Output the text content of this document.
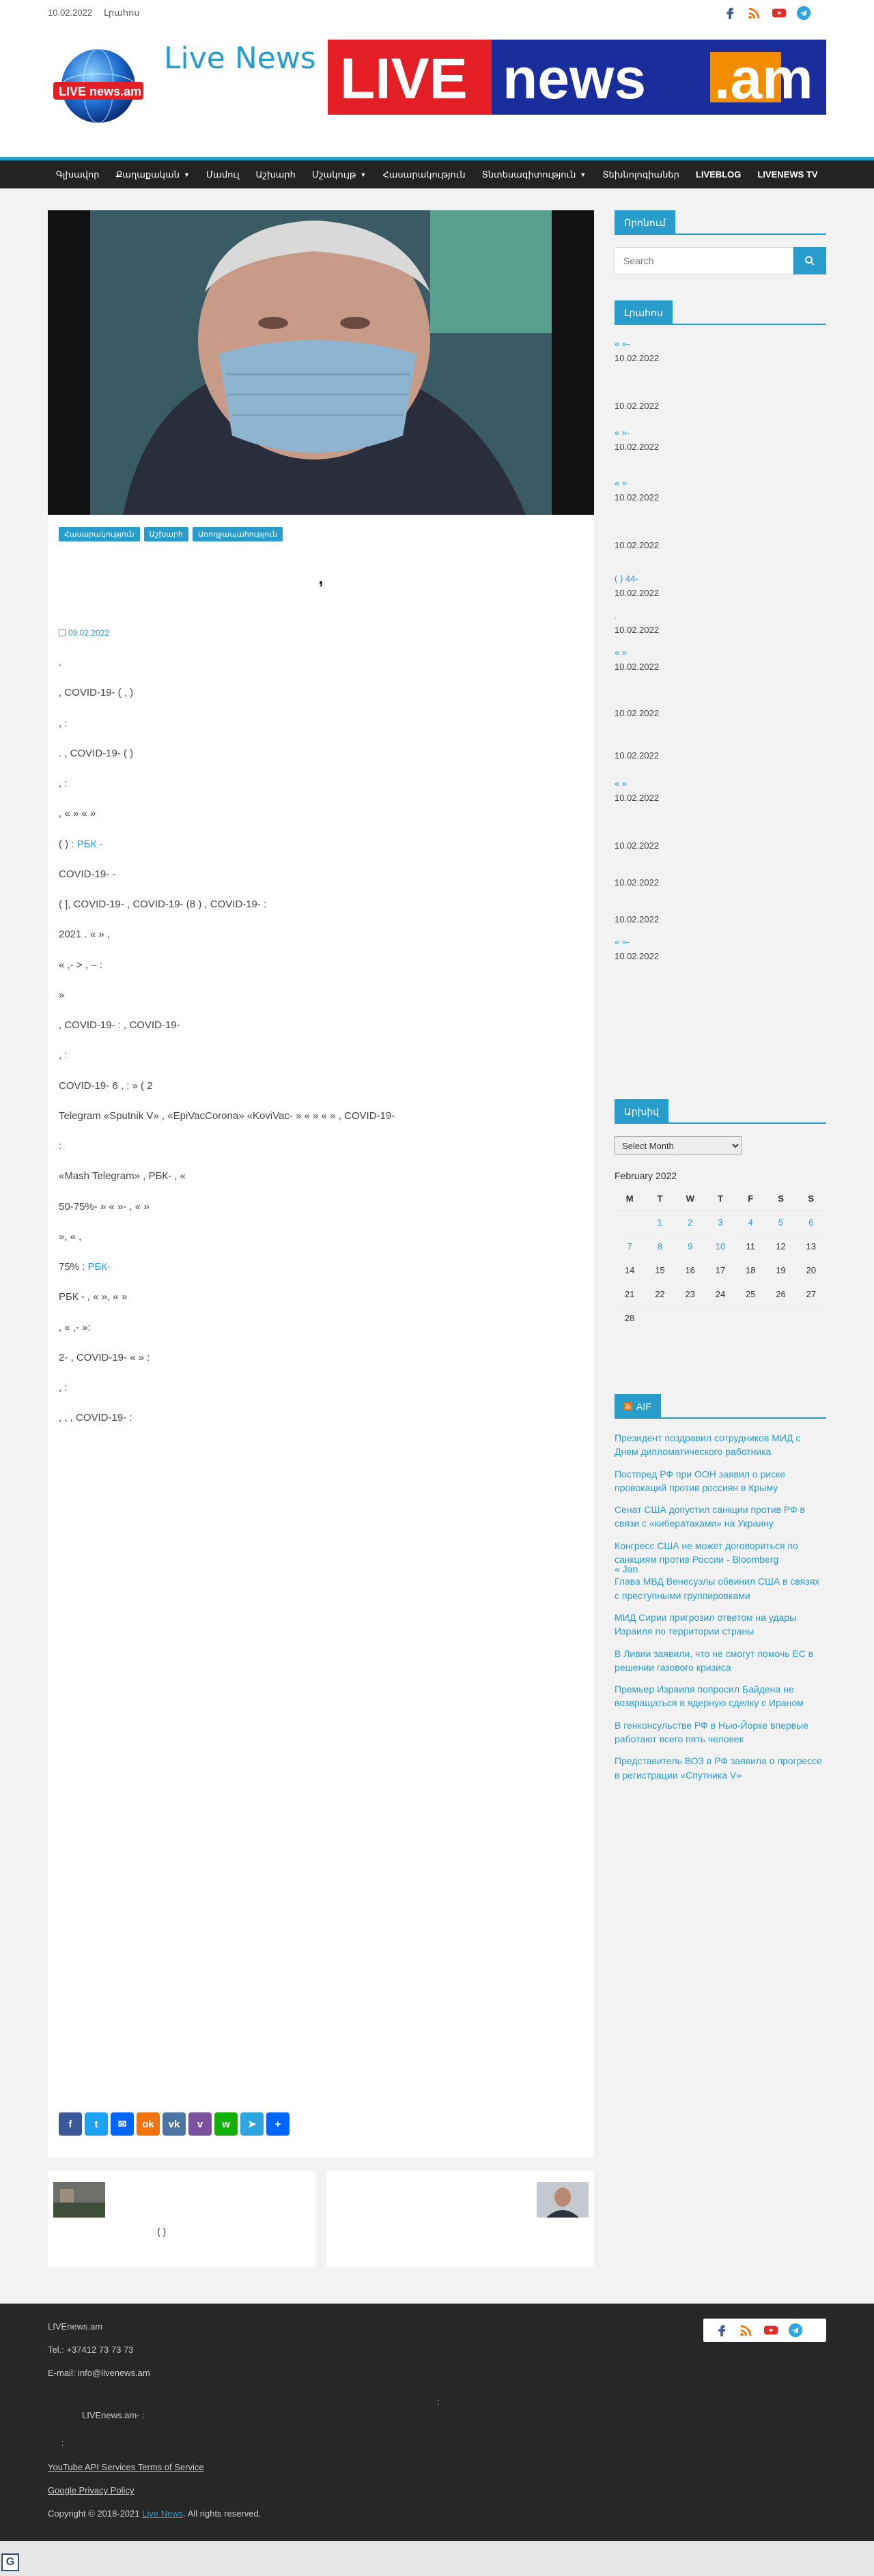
10.02.2022 Լրահոս
LIVE news.am
Live News LIVE news .am
Գլխավոր Քաղաքական ▼ Մամուլ Աշխարհ Մշակույթ ▼ Հասարակություն Տնտեսագիտություն ▼ Տեխնոլոգիաներ LIVEBLOG LIVENEWS TV
Հասարակություն	Աշխարհ	Առողջապահություն
,
09.02.2022

.

, COVID-19- ( , )

, :

. , COVID-19- ( )

, :

, « » « »

( ) : РБК -

COVID-19- -

( ], COVID-19- , COVID-19- (8 ) , COVID-19- :

2021 . « » ,

« ,- > , – :

»

, COVID-19- : , COVID-19-

, :

COVID-19- 6 , : » ( 2

Telegram «Sputnik V» , «EpiVacCorona» «KoviVac- » « » « » , COVID-19-

:

«Mash Telegram» , РБК- , «

50-75%- » « »- , « »

», « ,

75% : РБК-

РБК - , « », « »

, « ,- »:

2- , COVID-19- « » :

, :

, , , COVID-19- :

f t ✉ ok vk v w ➤ +
( )
Որոնում
Search
Լրահոս
« »-
10.02.2022

10.02.2022
« »-
10.02.2022
« »
10.02.2022

10.02.2022
( ) 44-
10.02.2022
.
10.02.2022
« »
10.02.2022

10.02.2022

10.02.2022
« »
10.02.2022

10.02.2022

10.02.2022

10.02.2022
« »-
10.02.2022
Արխիվ
Select Month
February 2022
M	T	W	T	F	S	S
	1	2	3	4	5	6
7	8	9	10	11	12	13
14	15	16	17	18	19	20
21	22	23	24	25	26	27
28						
« Jan
AIF
Президент поздравил сотрудников МИД с Днем дипломатического работника
Постпред РФ при ООН заявил о риске провокаций против россиян в Крыму
Сенат США допустил санкции против РФ в связи с «кибератаками» на Украину
Конгресс США не может договориться по санкциям против России - Bloomberg
Глава МВД Венесуэлы обвинил США в связях с преступными группировками
МИД Сирии пригрозил ответом на удары Израиля по территории страны
В Ливии заявили, что не смогут помочь ЕС в решении газового кризиса
Премьер Израиля попросил Байдена не возвращаться в ядерную сделку с Ираном
В генконсульстве РФ в Нью-Йорке впервые работают всего пять человек
Представитель ВОЗ в РФ заявила о прогрессе в регистрации «Спутника V»
LIVEnews.am
Tel.: +37412 73 73 73
E-mail: info@livenews.am
:
LIVEnews.am- :
:
YouTube API Services Terms of Service
Google Privacy Policy
Copyright © 2018-2021 Live News. All rights reserved.
G
